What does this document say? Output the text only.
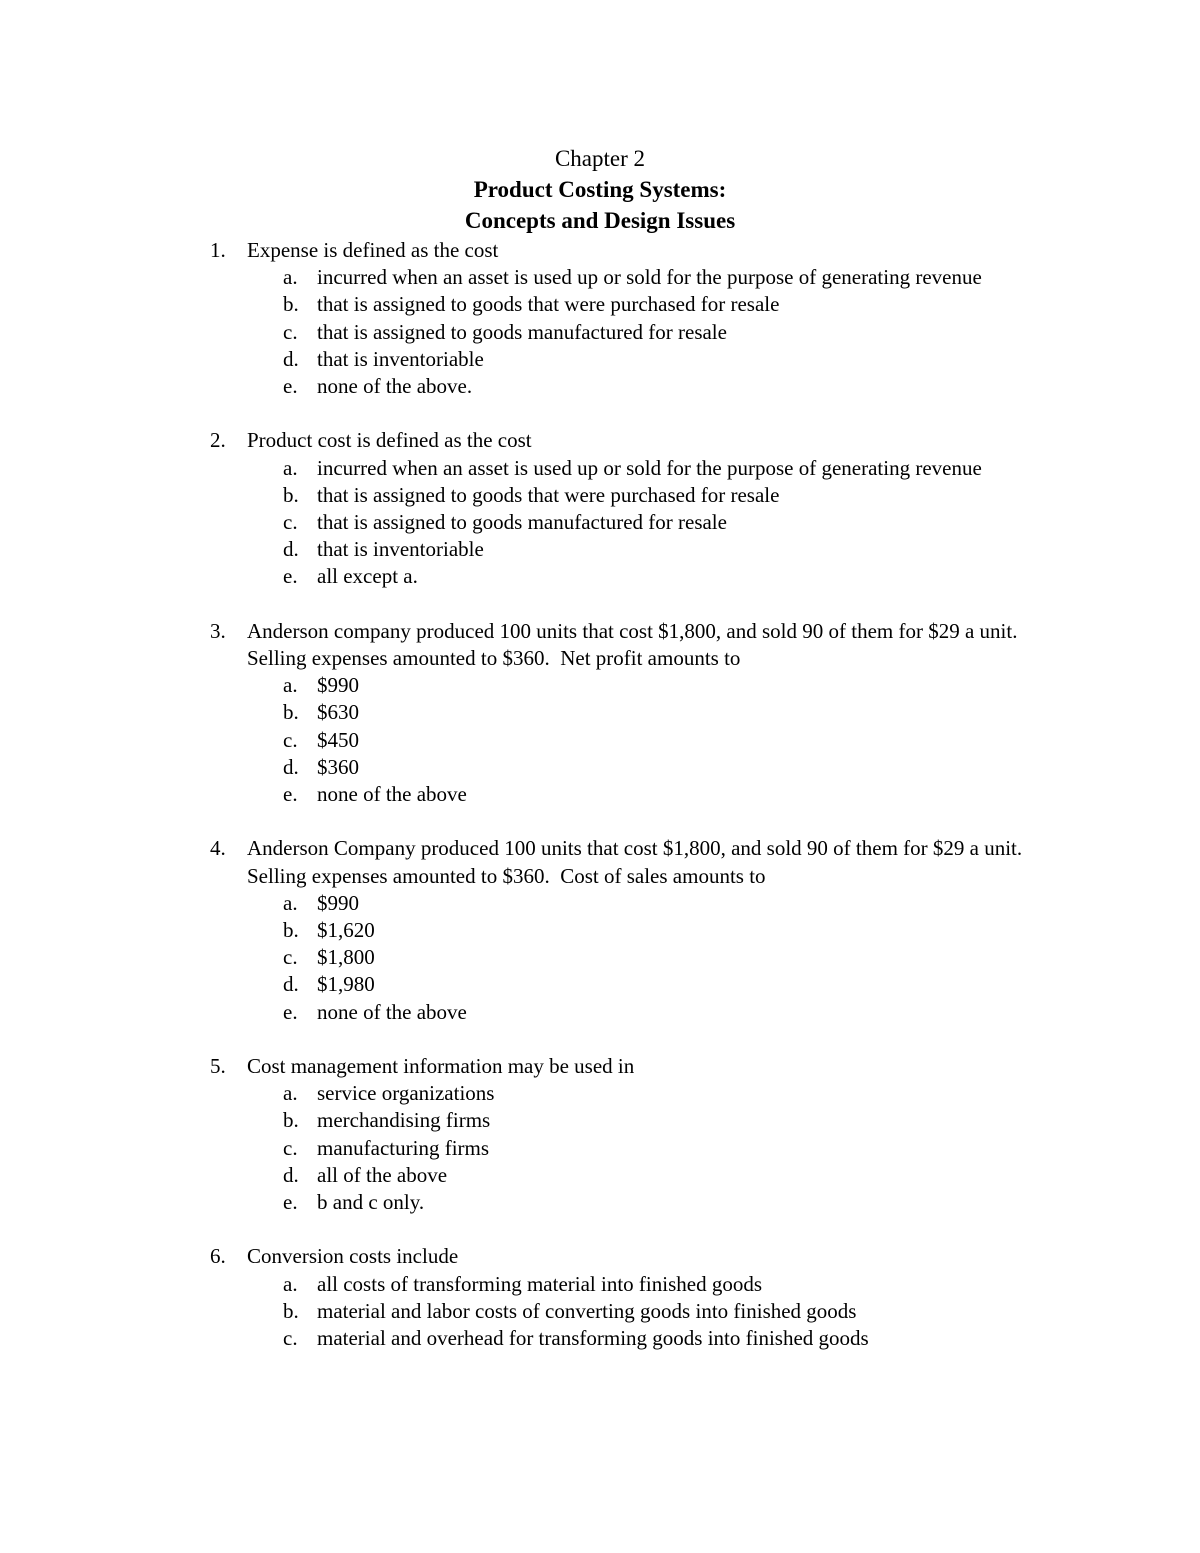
Chapter 2

Product Costing Systems:

Concepts and Design Issues

1. Expense is defined as the cost
a. incurred when an asset is used up or sold for the purpose of generating revenue
b. that is assigned to goods that were purchased for resale
c. that is assigned to goods manufactured for resale
d. that is inventoriable
e. none of the above.
2. Product cost is defined as the cost
a. incurred when an asset is used up or sold for the purpose of generating revenue
b. that is assigned to goods that were purchased for resale
c. that is assigned to goods manufactured for resale
d. that is inventoriable
e. all except a.
3. Anderson company produced 100 units that cost $1,800, and sold 90 of them for $29 a unit.  Selling expenses amounted to $360.  Net profit amounts to
a. $990
b. $630
c. $450
d. $360
e. none of the above
4. Anderson Company produced 100 units that cost $1,800, and sold 90 of them for $29 a unit.  Selling expenses amounted to $360.  Cost of sales amounts to
a. $990
b. $1,620
c. $1,800
d. $1,980
e. none of the above
5. Cost management information may be used in
a. service organizations
b. merchandising firms
c. manufacturing firms
d. all of the above
e. b and c only.
6. Conversion costs include
a. all costs of transforming material into finished goods
b. material and labor costs of converting goods into finished goods
c. material and overhead for transforming goods into finished goods
